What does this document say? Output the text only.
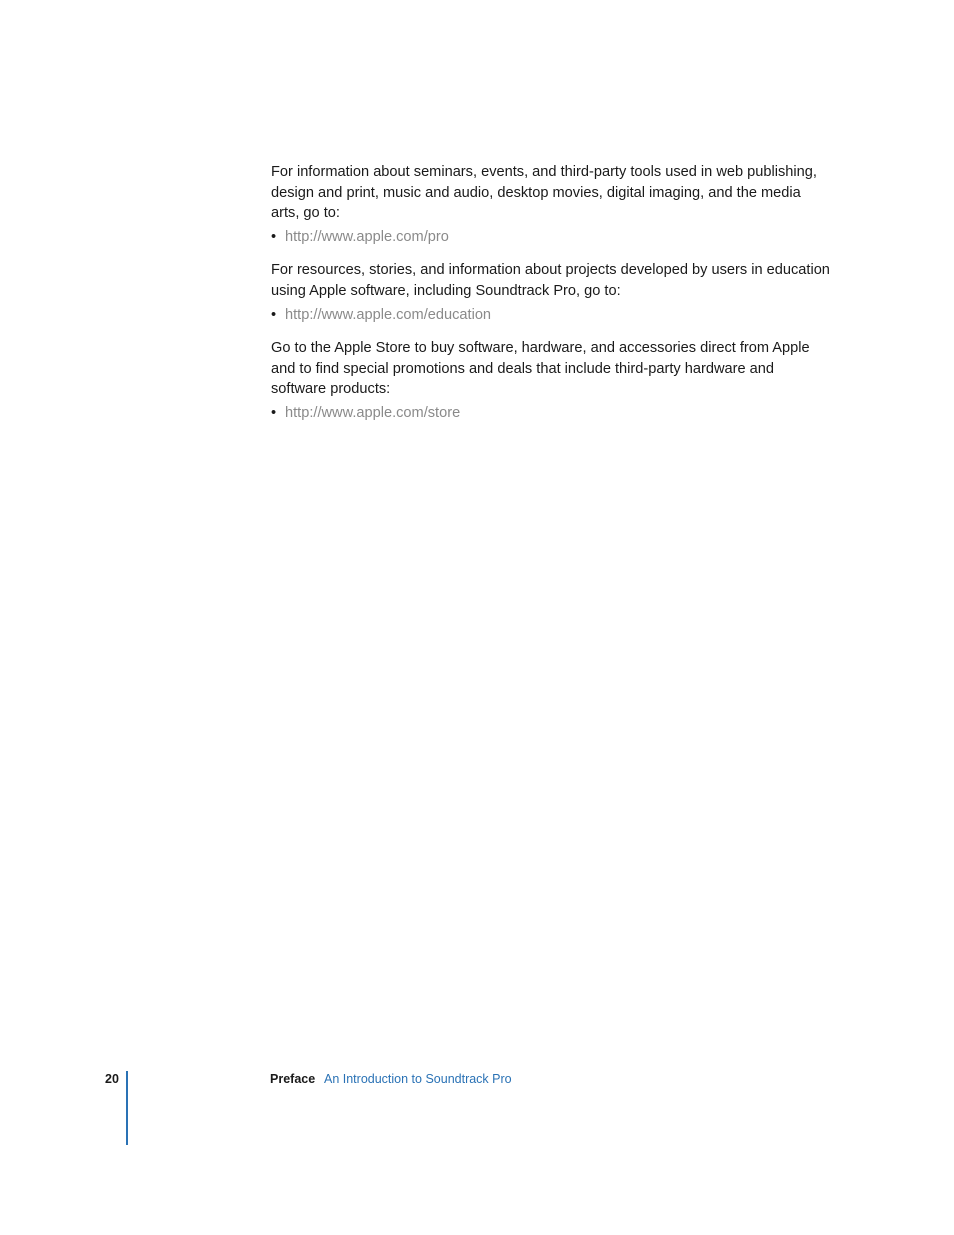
For information about seminars, events, and third-party tools used in web publishing, design and print, music and audio, desktop movies, digital imaging, and the media arts, go to:

• http://www.apple.com/pro

For resources, stories, and information about projects developed by users in education using Apple software, including Soundtrack Pro, go to:

• http://www.apple.com/education

Go to the Apple Store to buy software, hardware, and accessories direct from Apple and to find special promotions and deals that include third-party hardware and software products:

• http://www.apple.com/store
20	Preface An Introduction to Soundtrack Pro
